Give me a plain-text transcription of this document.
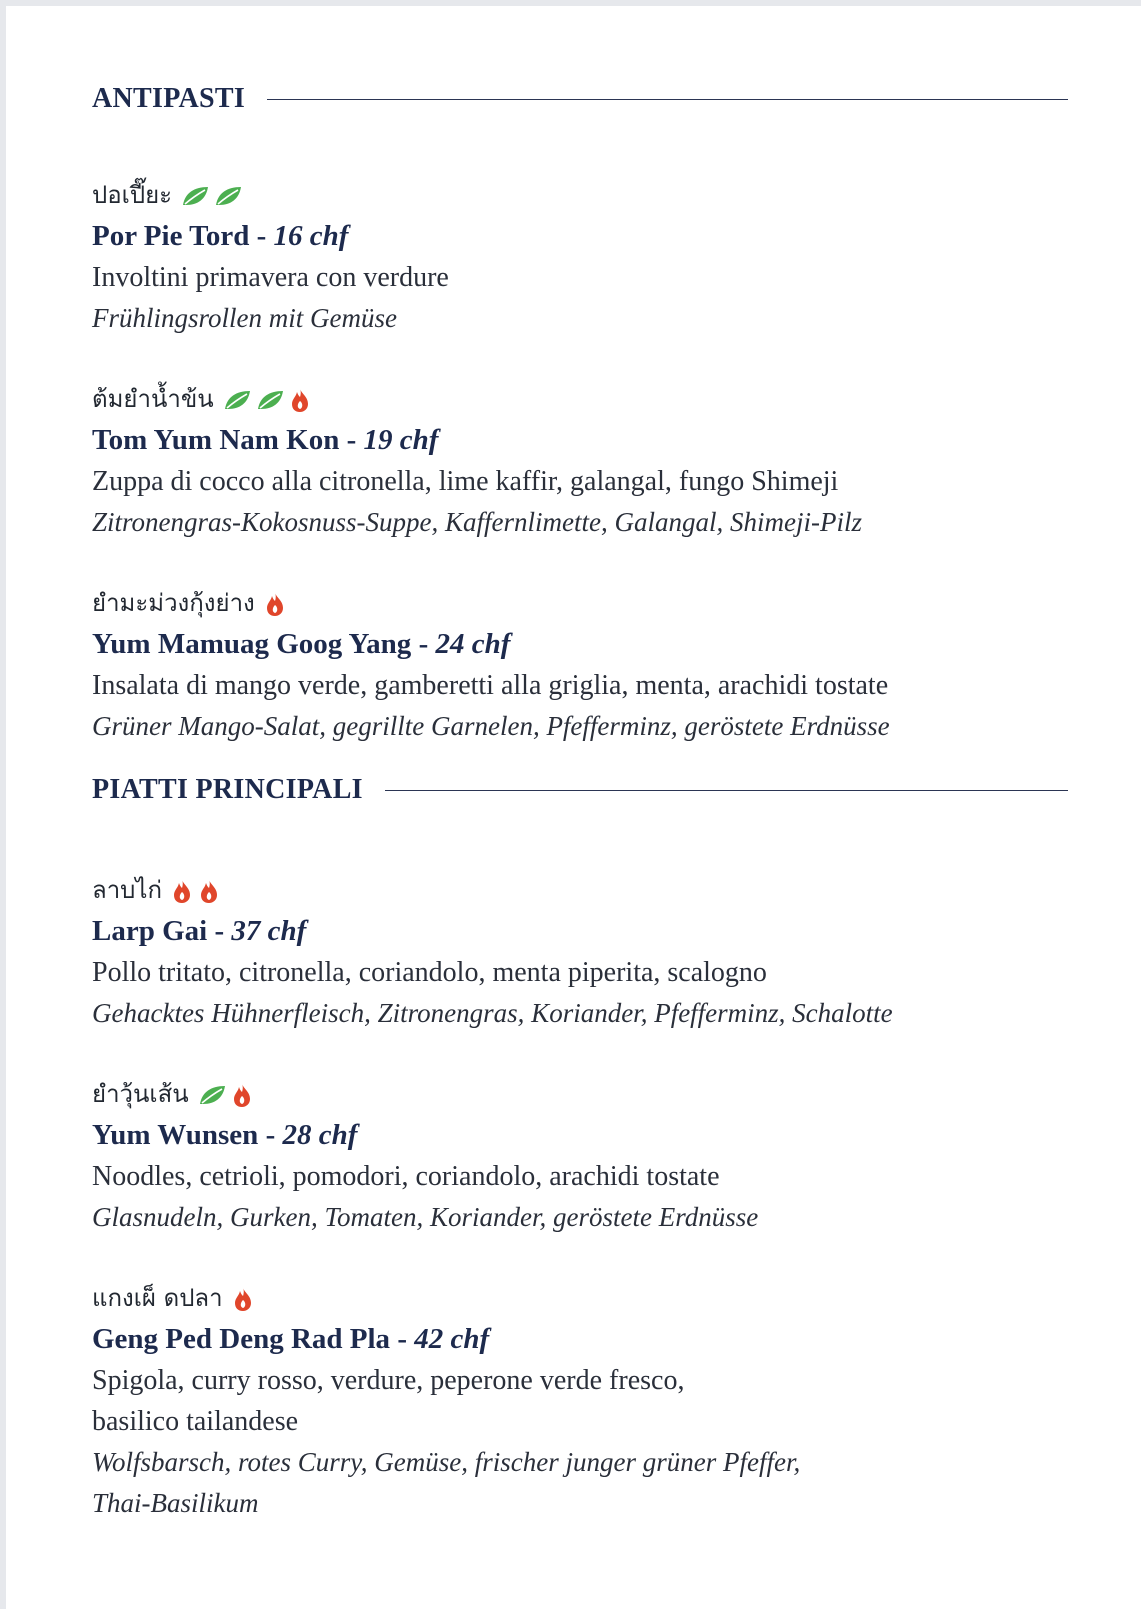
ANTIPASTI
ปอเปี๊ยะ
Por Pie Tord - 16 chf
Involtini primavera con verdure
Frühlingsrollen mit Gemüse
ต้มยำน้ำข้น
Tom Yum Nam Kon - 19 chf
Zuppa di cocco alla citronella, lime kaffir, galangal, fungo Shimeji
Zitronengras-Kokosnuss-Suppe, Kaffernlimette, Galangal, Shimeji-Pilz
ยำมะม่วงกุ้งย่าง
Yum Mamuag Goog Yang - 24 chf
Insalata di mango verde, gamberetti alla griglia, menta, arachidi tostate
Grüner Mango-Salat, gegrillte Garnelen, Pfefferminz, geröstete Erdnüsse
PIATTI PRINCIPALI
ลาบไก่
Larp Gai - 37 chf
Pollo tritato, citronella, coriandolo, menta piperita, scalogno
Gehacktes Hühnerfleisch, Zitronengras, Koriander, Pfefferminz, Schalotte
ยำวุ้นเส้น
Yum Wunsen - 28 chf
Noodles, cetrioli, pomodori, coriandolo, arachidi tostate
Glasnudeln, Gurken, Tomaten, Koriander, geröstete Erdnüsse
แกงเผ็ ดปลา
Geng Ped Deng Rad Pla - 42 chf
Spigola, curry rosso, verdure, peperone verde fresco,
basilico tailandese
Wolfsbarsch, rotes Curry, Gemüse, frischer junger grüner Pfeffer,
Thai-Basilikum
